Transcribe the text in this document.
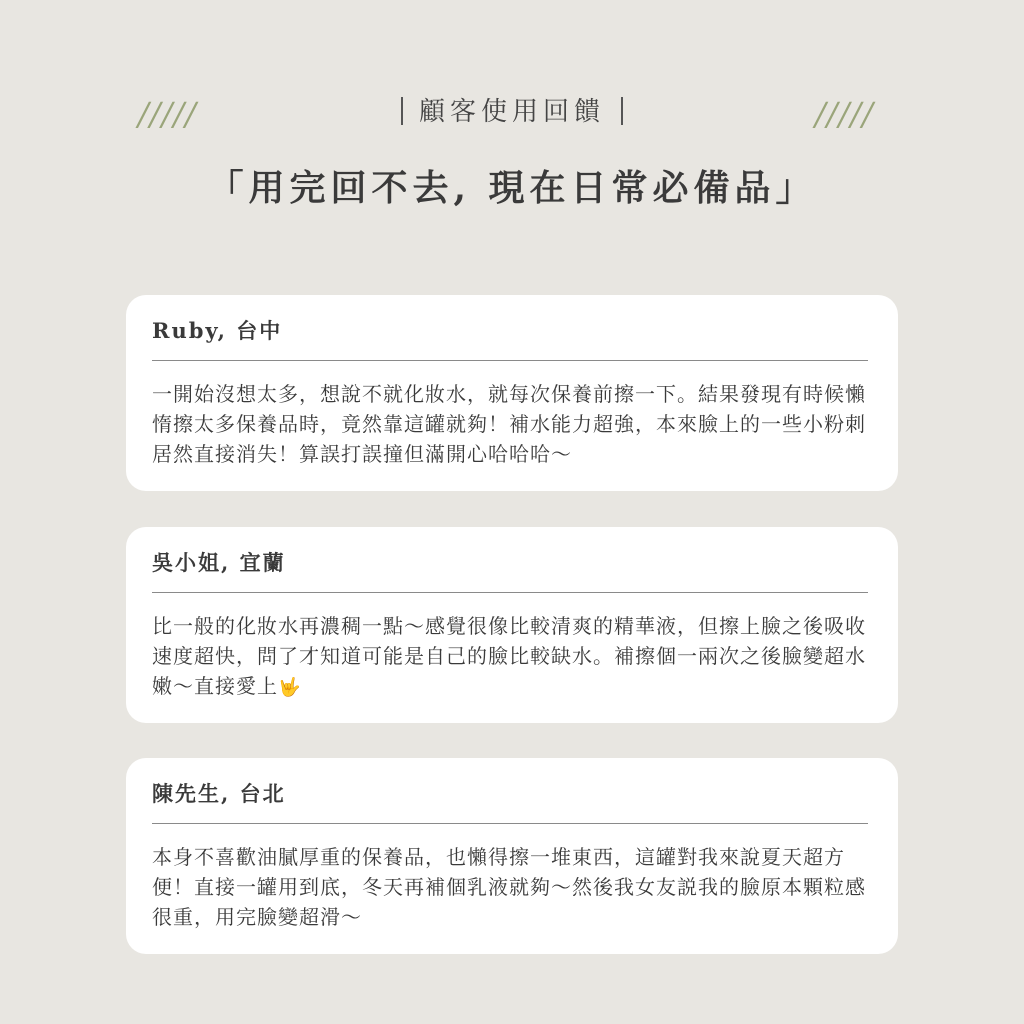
/////	/////
顧客使用回饋
「用完回不去, 現在日常必備品」
Ruby, 台中
一開始沒想太多，想說不就化妝水，就每次保養前擦一下。結果發現有時候懶惰擦太多保養品時，竟然靠這罐就夠！補水能力超強，本來臉上的一些小粉刺居然直接消失！算誤打誤撞但滿開心哈哈哈～
吳小姐, 宜蘭
比一般的化妝水再濃稠一點～感覺很像比較清爽的精華液，但擦上臉之後吸收速度超快，問了才知道可能是自己的臉比較缺水。補擦個一兩次之後臉變超水嫩～直接愛上🤟
陳先生, 台北
本身不喜歡油膩厚重的保養品，也懶得擦一堆東西，這罐對我來說夏天超方便！直接一罐用到底，冬天再補個乳液就夠～然後我女友説我的臉原本顆粒感很重，用完臉變超滑～
